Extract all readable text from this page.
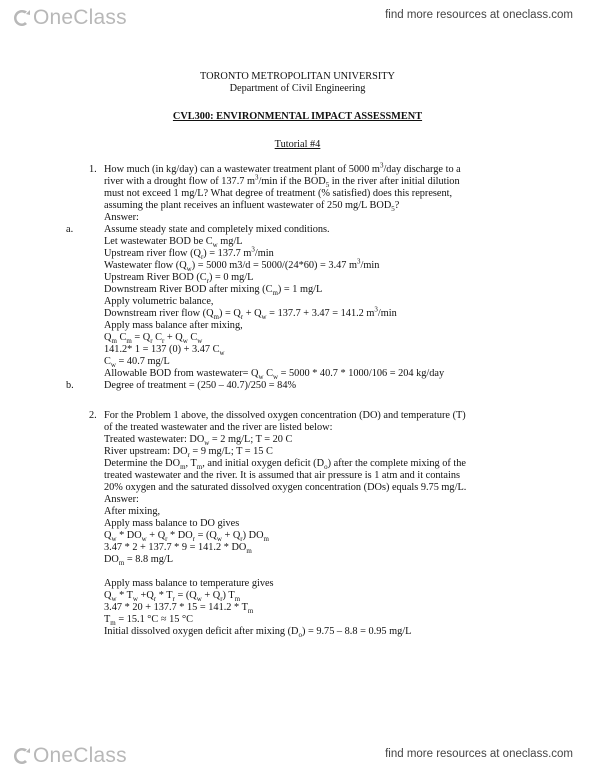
OneClass	find more resources at oneclass.com
TORONTO METROPOLITAN UNIVERSITY
Department of Civil Engineering
CVL300: ENVIRONMENTAL IMPACT ASSESSMENT
Tutorial #4
1. How much (in kg/day) can a wastewater treatment plant of 5000 $m^3$/day discharge to a
river with a drought flow of 137.7 $m^3/\min$ if the $BOD_5$ in the river after initial dilution
must not exceed 1 mg/L? What degree of treatment (% satisfied) does this represent,
assuming the plant receives an influent wastewater of 250 mg/L $BOD_5$?
Answer:
a.	Assume steady state and completely mixed conditions.
Let wastewater BOD be $C_w$ mg/L
Upstream river flow $(Q_r) = 137.7$ $m^3/\min$
Wastewater flow $(Q_w) = 5000$ m3/d = 5000/(24*60) = 3.47 $m^3/\min$
Upstream River BOD $(C_r) = 0$ mg/L
Downstream River BOD after mixing $(C_m) = 1$ mg/L
Apply volumetric balance,
Downstream river flow $(Q_m) = Q_r + Q_w = 137.7 + 3.47 = 141.2$ $m^3/\min$
Apply mass balance after mixing,
$Q_m$ $C_m = Q_r$ $C_r + Q_w$ $C_w$
141.2* 1 = 137 (0) + 3.47 $C_w$
$C_w = 40.7$ mg/L
Allowable BOD from wastewater= $Q_w$ $C_w = 5000 * 40.7 * 1000/106 = 204$ kg/day
b.	Degree of treatment = (250 – 40.7)/250 = 84%
2. For the Problem 1 above, the dissolved oxygen concentration (DO) and temperature (T)
of the treated wastewater and the river are listed below:
Treated wastewater: $DO_w = 2$ mg/L; T = 20 C
River upstream: $DO_r = 9$ mg/L; T = 15 C
Determine the $DO_m$, $T_m$, and initial oxygen deficit $(D_o)$ after the complete mixing of the
treated wastewater and the river. It is assumed that air pressure is 1 atm and it contains
20% oxygen and the saturated dissolved oxygen concentration (DOs) equals 9.75 mg/L.
Answer:
After mixing,
Apply mass balance to DO gives
$Q_w * DO_w + Q_r * DO_r = (Q_w + Q_r)$ $DO_m$
$3.47 * 2 + 137.7 * 9 = 141.2 * DO_m$
$DO_m = 8.8$ mg/L
Apply mass balance to temperature gives
$Q_w * T_w +Q_r * T_r = (Q_w + Q_r)$ $T_m$
$3.47 * 20 + 137.7 * 15 = 141.2 * T_m$
$T_m = 15.1$ °C ≈ 15 °C
Initial dissolved oxygen deficit after mixing $(D_o) = 9.75 - 8.8 = 0.95$ mg/L
OneClass	find more resources at oneclass.com
